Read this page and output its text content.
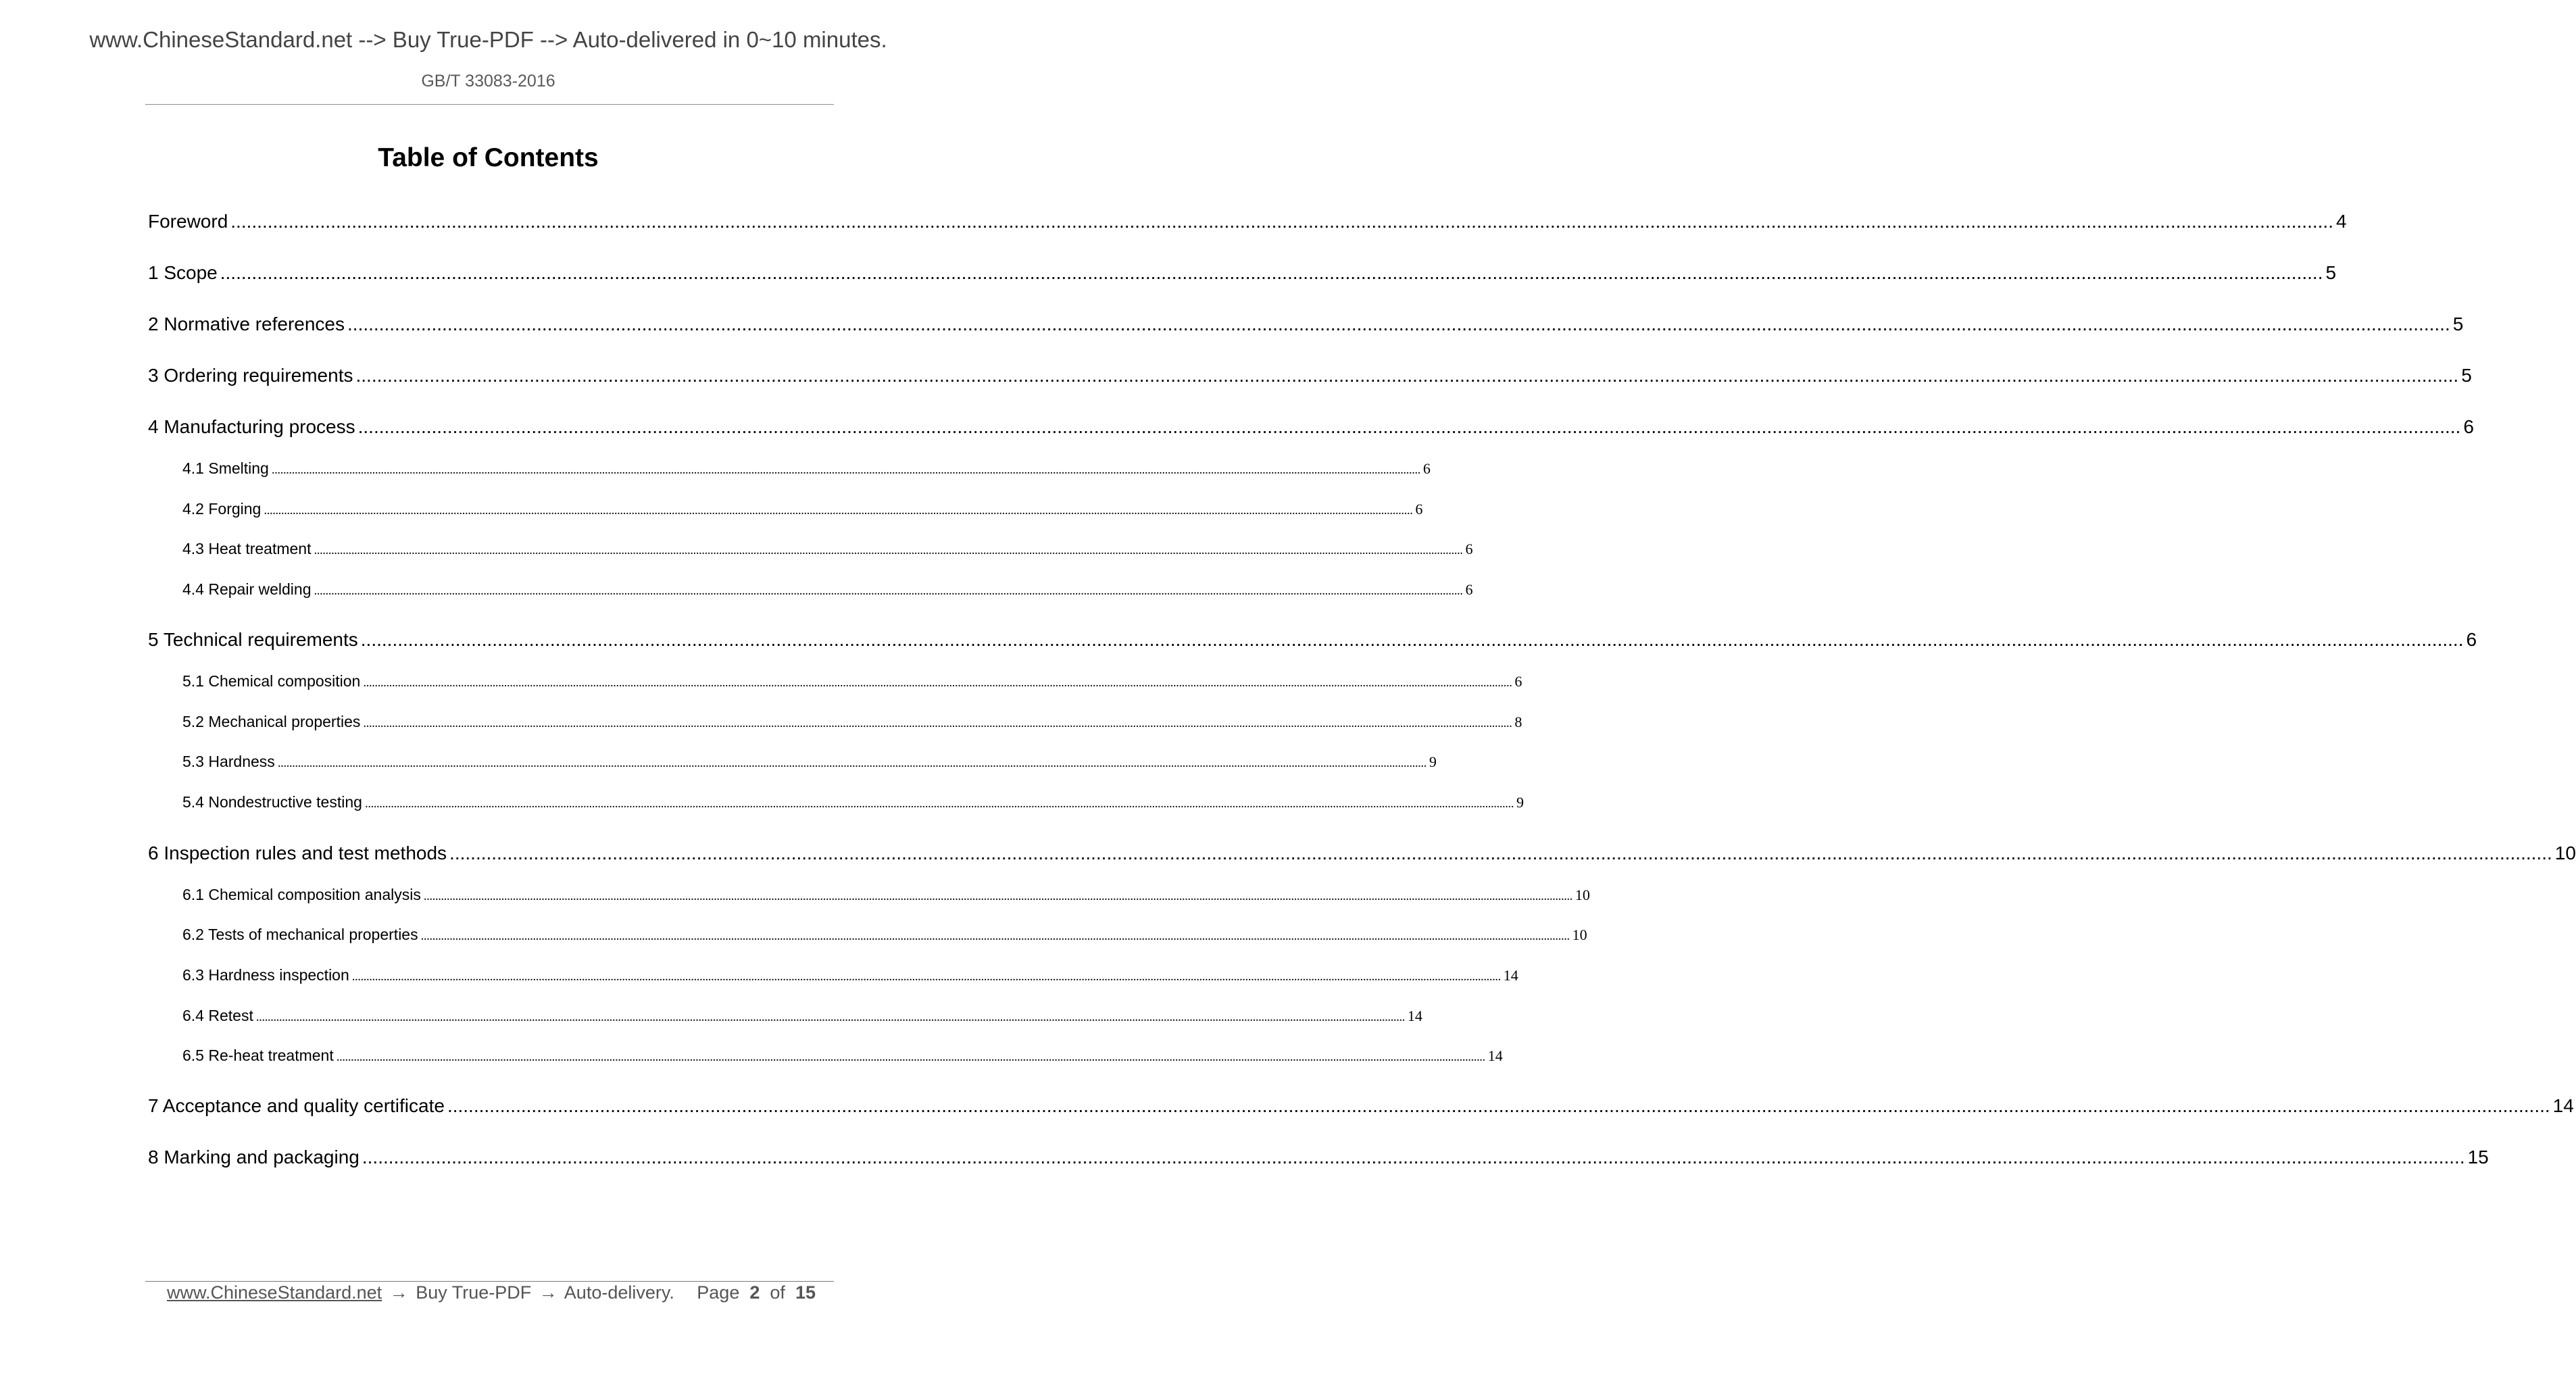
www.ChineseStandard.net --> Buy True-PDF --> Auto-delivered in 0~10 minutes.
GB/T 33083-2016
Table of Contents
Foreword ................................................................................................................................................................................................................................................................................................................................................................................................................ 4
1 Scope ................................................................................................................................................................................................................................................................................................................................................................................................................ 5
2 Normative references ................................................................................................................................................................................................................................................................................................................................................................................................................ 5
3 Ordering requirements ................................................................................................................................................................................................................................................................................................................................................................................................................ 5
4 Manufacturing process ................................................................................................................................................................................................................................................................................................................................................................................................................ 6
4.1 Smelting ................................................................................................................................................................................................................................................................................................................................................................................................................ 6
4.2 Forging ................................................................................................................................................................................................................................................................................................................................................................................................................ 6
4.3 Heat treatment ................................................................................................................................................................................................................................................................................................................................................................................................................ 6
4.4 Repair welding ................................................................................................................................................................................................................................................................................................................................................................................................................ 6
5 Technical requirements ................................................................................................................................................................................................................................................................................................................................................................................................................ 6
5.1 Chemical composition ................................................................................................................................................................................................................................................................................................................................................................................................................ 6
5.2 Mechanical properties ................................................................................................................................................................................................................................................................................................................................................................................................................ 8
5.3 Hardness ................................................................................................................................................................................................................................................................................................................................................................................................................ 9
5.4 Nondestructive testing ................................................................................................................................................................................................................................................................................................................................................................................................................ 9
6 Inspection rules and test methods ................................................................................................................................................................................................................................................................................................................................................................................................................ 10
6.1 Chemical composition analysis ................................................................................................................................................................................................................................................................................................................................................................................................................ 10
6.2 Tests of mechanical properties ................................................................................................................................................................................................................................................................................................................................................................................................................ 10
6.3 Hardness inspection ................................................................................................................................................................................................................................................................................................................................................................................................................ 14
6.4 Retest ................................................................................................................................................................................................................................................................................................................................................................................................................ 14
6.5 Re-heat treatment ................................................................................................................................................................................................................................................................................................................................................................................................................ 14
7 Acceptance and quality certificate ................................................................................................................................................................................................................................................................................................................................................................................................................ 14
8 Marking and packaging ................................................................................................................................................................................................................................................................................................................................................................................................................ 15
www.ChineseStandard.net → Buy True-PDF → Auto-delivery. Page 2 of 15
